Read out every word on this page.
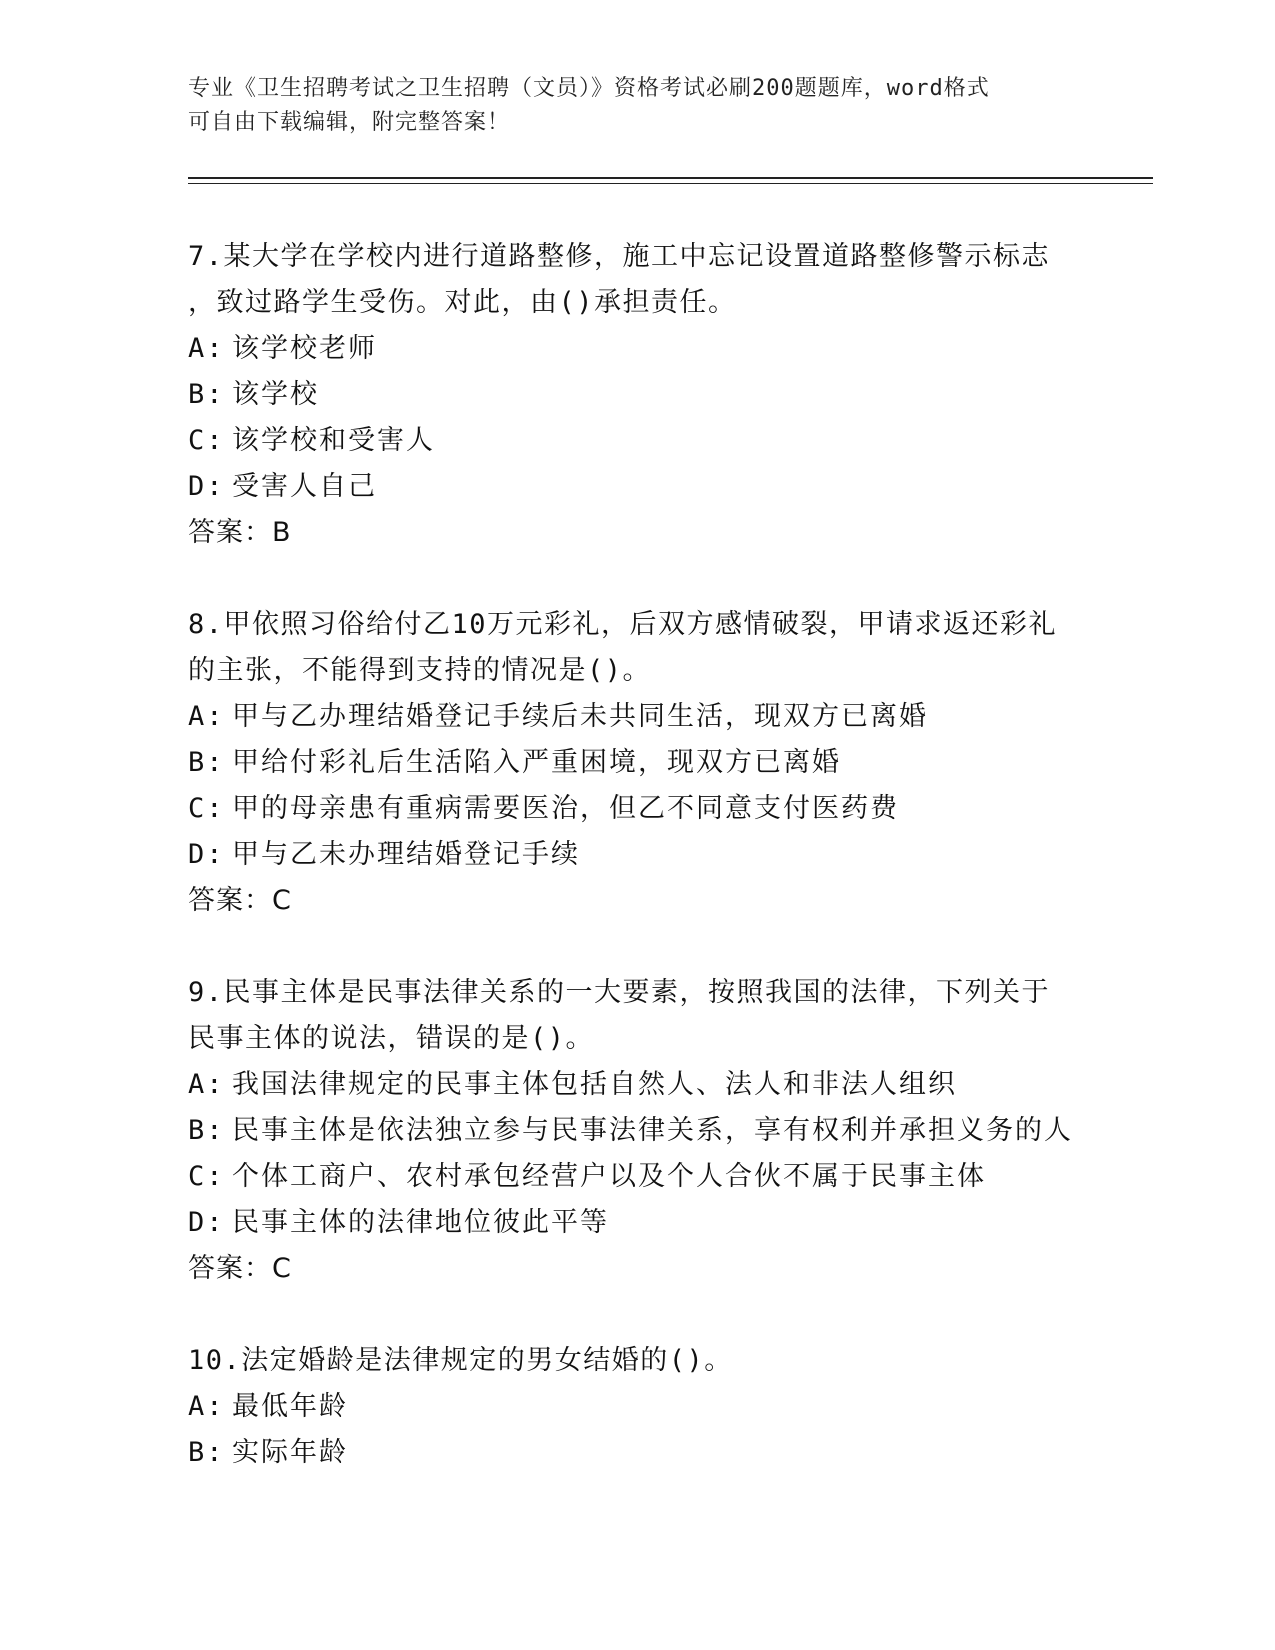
专业《卫生招聘考试之卫生招聘（文员）》资格考试必刷200题题库，word格式
可自由下载编辑，附完整答案！
7.某大学在学校内进行道路整修，施工中忘记设置道路整修警示标志
，致过路学生受伤。对此，由()承担责任。
A: 该学校老师
B: 该学校
C: 该学校和受害人
D: 受害人自己
答案：B
8.甲依照习俗给付乙10万元彩礼，后双方感情破裂，甲请求返还彩礼
的主张，不能得到支持的情况是()。
A: 甲与乙办理结婚登记手续后未共同生活，现双方已离婚
B: 甲给付彩礼后生活陷入严重困境，现双方已离婚
C: 甲的母亲患有重病需要医治，但乙不同意支付医药费
D: 甲与乙未办理结婚登记手续
答案：C
9.民事主体是民事法律关系的一大要素，按照我国的法律，下列关于
民事主体的说法，错误的是()。
A: 我国法律规定的民事主体包括自然人、法人和非法人组织
B: 民事主体是依法独立参与民事法律关系，享有权利并承担义务的人
C: 个体工商户、农村承包经营户以及个人合伙不属于民事主体
D: 民事主体的法律地位彼此平等
答案：C
10.法定婚龄是法律规定的男女结婚的()。
A: 最低年龄
B: 实际年龄
